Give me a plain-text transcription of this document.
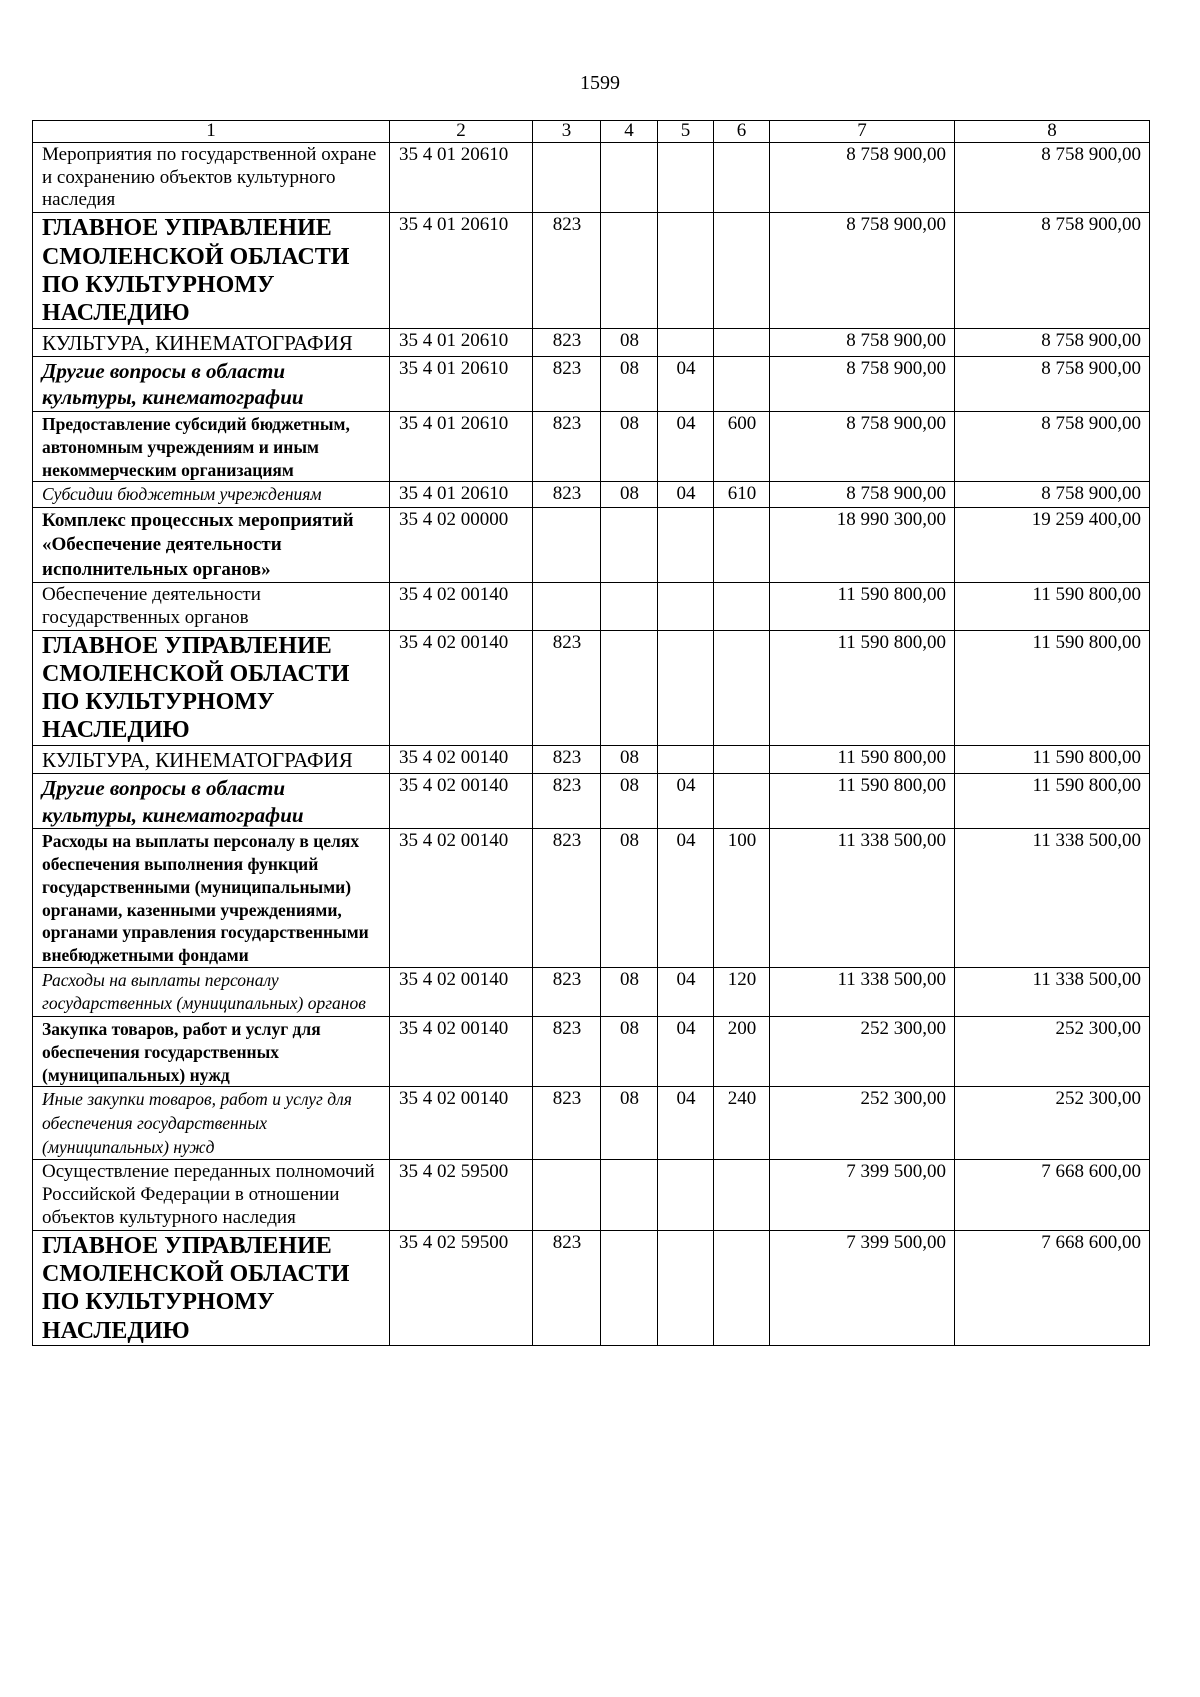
1599
1	2	3	4	5	6	7	8
Мероприятия по государственной охране и сохранению объектов культурного наследия	35 4 01 20610					8 758 900,00	8 758 900,00
ГЛАВНОЕ УПРАВЛЕНИЕ СМОЛЕНСКОЙ ОБЛАСТИ ПО КУЛЬТУРНОМУ НАСЛЕДИЮ	35 4 01 20610	823				8 758 900,00	8 758 900,00
КУЛЬТУРА, КИНЕМАТОГРАФИЯ	35 4 01 20610	823	08			8 758 900,00	8 758 900,00
Другие вопросы в области культуры, кинематографии	35 4 01 20610	823	08	04		8 758 900,00	8 758 900,00
Предоставление субсидий бюджетным, автономным учреждениям и иным некоммерческим организациям	35 4 01 20610	823	08	04	600	8 758 900,00	8 758 900,00
Субсидии бюджетным учреждениям	35 4 01 20610	823	08	04	610	8 758 900,00	8 758 900,00
Комплекс процессных мероприятий «Обеспечение деятельности исполнительных органов»	35 4 02 00000					18 990 300,00	19 259 400,00
Обеспечение деятельности государственных органов	35 4 02 00140					11 590 800,00	11 590 800,00
ГЛАВНОЕ УПРАВЛЕНИЕ СМОЛЕНСКОЙ ОБЛАСТИ ПО КУЛЬТУРНОМУ НАСЛЕДИЮ	35 4 02 00140	823				11 590 800,00	11 590 800,00
КУЛЬТУРА, КИНЕМАТОГРАФИЯ	35 4 02 00140	823	08			11 590 800,00	11 590 800,00
Другие вопросы в области культуры, кинематографии	35 4 02 00140	823	08	04		11 590 800,00	11 590 800,00
Расходы на выплаты персоналу в целях обеспечения выполнения функций государственными (муниципальными) органами, казенными учреждениями, органами управления государственными внебюджетными фондами	35 4 02 00140	823	08	04	100	11 338 500,00	11 338 500,00
Расходы на выплаты персоналу государственных (муниципальных) органов	35 4 02 00140	823	08	04	120	11 338 500,00	11 338 500,00
Закупка товаров, работ и услуг для обеспечения государственных (муниципальных) нужд	35 4 02 00140	823	08	04	200	252 300,00	252 300,00
Иные закупки товаров, работ и услуг для обеспечения государственных (муниципальных) нужд	35 4 02 00140	823	08	04	240	252 300,00	252 300,00
Осуществление переданных полномочий Российской Федерации в отношении объектов культурного наследия	35 4 02 59500					7 399 500,00	7 668 600,00
ГЛАВНОЕ УПРАВЛЕНИЕ СМОЛЕНСКОЙ ОБЛАСТИ ПО КУЛЬТУРНОМУ НАСЛЕДИЮ	35 4 02 59500	823				7 399 500,00	7 668 600,00
